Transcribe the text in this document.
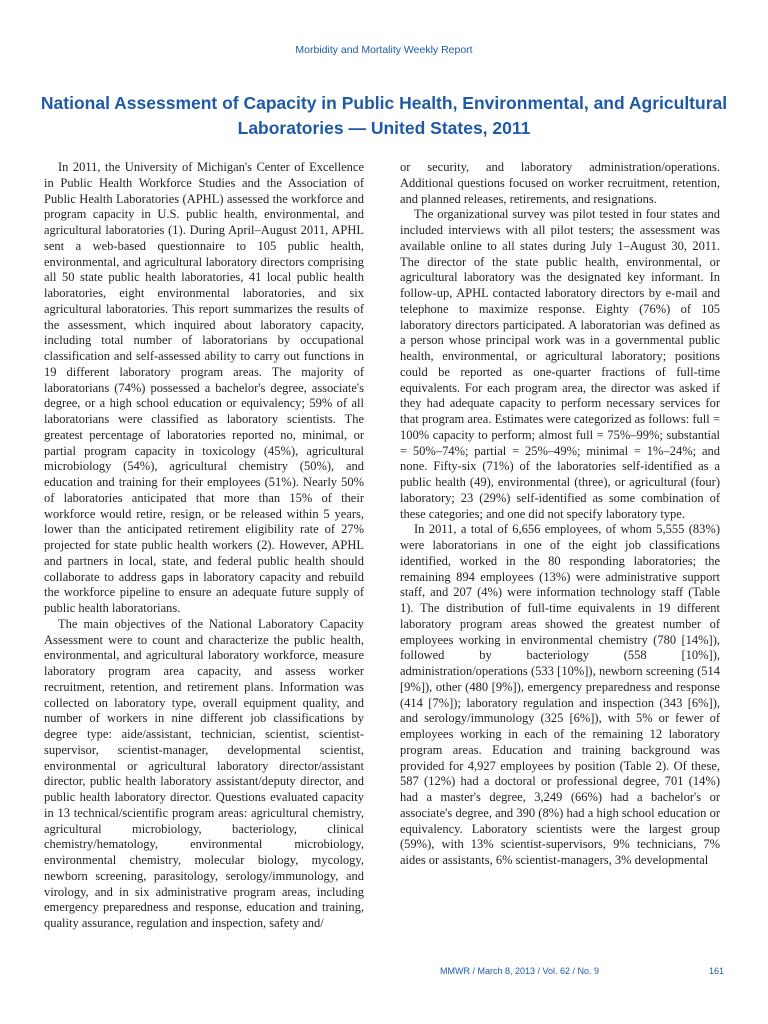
Morbidity and Mortality Weekly Report
National Assessment of Capacity in Public Health, Environmental, and Agricultural Laboratories — United States, 2011

In 2011, the University of Michigan's Center of Excellence in Public Health Workforce Studies and the Association of Public Health Laboratories (APHL) assessed the workforce and program capacity in U.S. public health, environmental, and agricultural laboratories (1). During April–August 2011, APHL sent a web-based questionnaire to 105 public health, environmental, and agricultural laboratory directors comprising all 50 state public health laboratories, 41 local public health laboratories, eight environmental laboratories, and six agricultural laboratories. This report summarizes the results of the assessment, which inquired about laboratory capacity, including total number of laboratorians by occupational classification and self-assessed ability to carry out functions in 19 different laboratory program areas. The majority of laboratorians (74%) possessed a bachelor's degree, associate's degree, or a high school education or equivalency; 59% of all laboratorians were classified as laboratory scientists. The greatest percentage of laboratories reported no, minimal, or partial program capacity in toxicology (45%), agricultural microbiology (54%), agricultural chemistry (50%), and education and training for their employees (51%). Nearly 50% of laboratories anticipated that more than 15% of their workforce would retire, resign, or be released within 5 years, lower than the anticipated retirement eligibility rate of 27% projected for state public health workers (2). However, APHL and partners in local, state, and federal public health should collaborate to address gaps in laboratory capacity and rebuild the workforce pipeline to ensure an adequate future supply of public health laboratorians.

The main objectives of the National Laboratory Capacity Assessment were to count and characterize the public health, environmental, and agricultural laboratory workforce, measure laboratory program area capacity, and assess worker recruitment, retention, and retirement plans. Information was collected on laboratory type, overall equipment quality, and number of workers in nine different job classifications by degree type: aide/assistant, technician, scientist, scientist-supervisor, scientist-manager, developmental scientist, environmental or agricultural laboratory director/assistant director, public health laboratory assistant/deputy director, and public health laboratory director. Questions evaluated capacity in 13 technical/scientific program areas: agricultural chemistry, agricultural microbiology, bacteriology, clinical chemistry/hematology, environmental microbiology, environmental chemistry, molecular biology, mycology, newborn screening, parasitology, serology/immunology, and virology, and in six administrative program areas, including emergency preparedness and response, education and training, quality assurance, regulation and inspection, safety and/

or security, and laboratory administration/operations. Additional questions focused on worker recruitment, retention, and planned releases, retirements, and resignations.

The organizational survey was pilot tested in four states and included interviews with all pilot testers; the assessment was available online to all states during July 1–August 30, 2011. The director of the state public health, environmental, or agricultural laboratory was the designated key informant. In follow-up, APHL contacted laboratory directors by e-mail and telephone to maximize response. Eighty (76%) of 105 laboratory directors participated. A laboratorian was defined as a person whose principal work was in a governmental public health, environmental, or agricultural laboratory; positions could be reported as one-quarter fractions of full-time equivalents. For each program area, the director was asked if they had adequate capacity to perform necessary services for that program area. Estimates were categorized as follows: full = 100% capacity to perform; almost full = 75%–99%; substantial = 50%–74%; partial = 25%–49%; minimal = 1%–24%; and none. Fifty-six (71%) of the laboratories self-identified as a public health (49), environmental (three), or agricultural (four) laboratory; 23 (29%) self-identified as some combination of these categories; and one did not specify laboratory type.

In 2011, a total of 6,656 employees, of whom 5,555 (83%) were laboratorians in one of the eight job classifications identified, worked in the 80 responding laboratories; the remaining 894 employees (13%) were administrative support staff, and 207 (4%) were information technology staff (Table 1). The distribution of full-time equivalents in 19 different laboratory program areas showed the greatest number of employees working in environmental chemistry (780 [14%]), followed by bacteriology (558 [10%]), administration/operations (533 [10%]), newborn screening (514 [9%]), other (480 [9%]), emergency preparedness and response (414 [7%]); laboratory regulation and inspection (343 [6%]), and serology/immunology (325 [6%]), with 5% or fewer of employees working in each of the remaining 12 laboratory program areas. Education and training background was provided for 4,927 employees by position (Table 2). Of these, 587 (12%) had a doctoral or professional degree, 701 (14%) had a master's degree, 3,249 (66%) had a bachelor's or associate's degree, and 390 (8%) had a high school education or equivalency. Laboratory scientists were the largest group (59%), with 13% scientist-supervisors, 9% technicians, 7% aides or assistants, 6% scientist-managers, 3% developmental

MMWR / March 8, 2013 / Vol. 62 / No. 9	161
